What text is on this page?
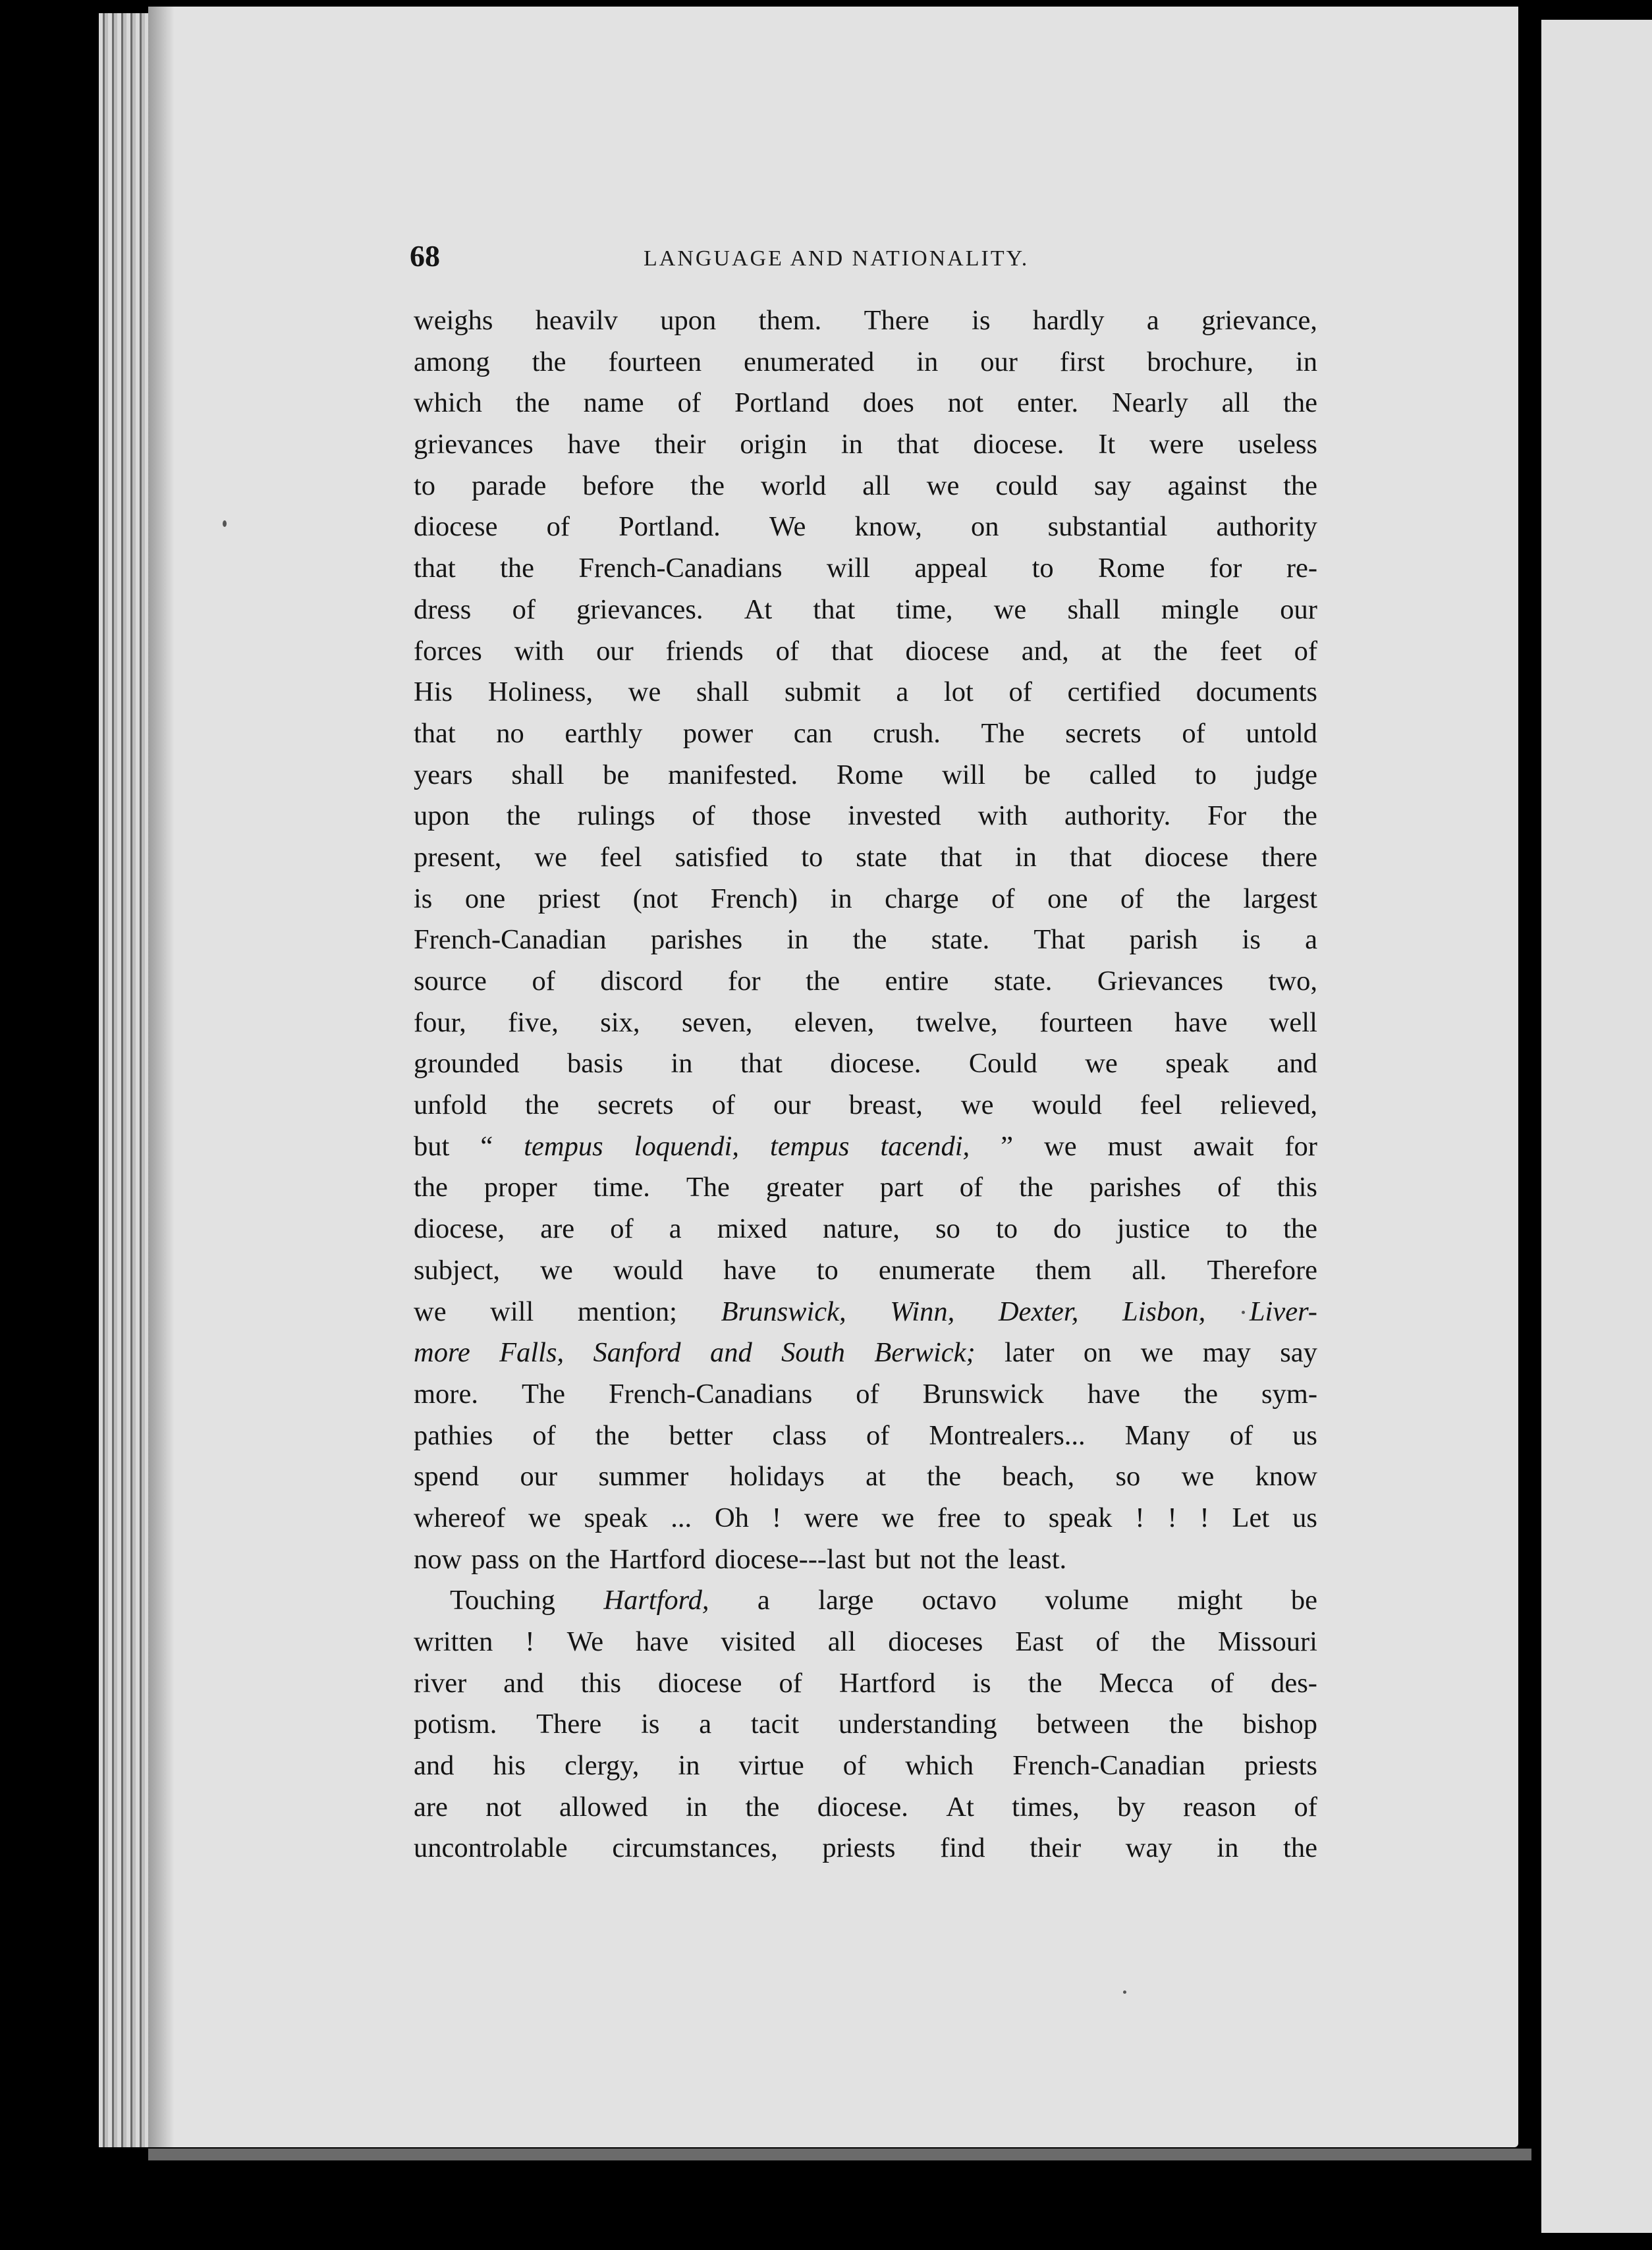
68	LANGUAGE AND NATIONALITY.
weighs heavilv upon them. There is hardly a grievance,
among the fourteen enumerated in our first brochure, in
which the name of Portland does not enter. Nearly all the
grievances have their origin in that diocese. It were useless
to parade before the world all we could say against the
diocese of Portland. We know, on substantial authority
that the French-Canadians will appeal to Rome for re-
dress of grievances. At that time, we shall mingle our
forces with our friends of that diocese and, at the feet of
His Holiness, we shall submit a lot of certified documents
that no earthly power can crush. The secrets of untold
years shall be manifested. Rome will be called to judge
upon the rulings of those invested with authority. For the
present, we feel satisfied to state that in that diocese there
is one priest (not French) in charge of one of the largest
French-Canadian parishes in the state. That parish is a
source of discord for the entire state. Grievances two,
four, five, six, seven, eleven, twelve, fourteen have well
grounded basis in that diocese. Could we speak and
unfold the secrets of our breast, we would feel relieved,
but “ tempus loquendi, tempus tacendi, ” we must await for
the proper time. The greater part of the parishes of this
diocese, are of a mixed nature, so to do justice to the
subject, we would have to enumerate them all. Therefore
we will mention; Brunswick, Winn, Dexter, Lisbon, Liver-
more Falls, Sanford and South Berwick; later on we may say
more. The French-Canadians of Brunswick have the sym-
pathies of the better class of Montrealers... Many of us
spend our summer holidays at the beach, so we know
whereof we speak ... Oh ! were we free to speak ! ! ! Let us
now pass on the Hartford diocese---last but not the least.
Touching Hartford, a large octavo volume might be
written ! We have visited all dioceses East of the Missouri
river and this diocese of Hartford is the Mecca of des-
potism. There is a tacit understanding between the bishop
and his clergy, in virtue of which French-Canadian priests
are not allowed in the diocese. At times, by reason of
uncontrolable circumstances, priests find their way in the
